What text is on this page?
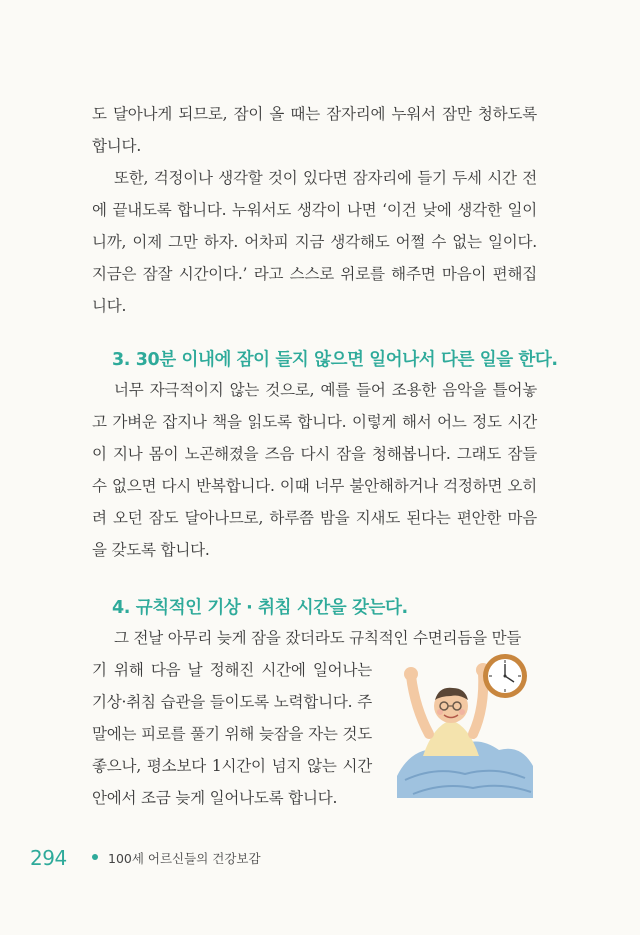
도 달아나게 되므로, 잠이 올 때는 잠자리에 누워서 잠만 청하도록 합니다.

또한, 걱정이나 생각할 것이 있다면 잠자리에 들기 두세 시간 전에 끝내도록 합니다. 누워서도 생각이 나면 ‘이건 낮에 생각한 일이니까, 이제 그만 하자. 어차피 지금 생각해도 어쩔 수 없는 일이다. 지금은 잠잘 시간이다.’ 라고 스스로 위로를 해주면 마음이 편해집니다.

3. 30분 이내에 잠이 들지 않으면 일어나서 다른 일을 한다.

너무 자극적이지 않는 것으로, 예를 들어 조용한 음악을 틀어놓고 가벼운 잡지나 책을 읽도록 합니다. 이렇게 해서 어느 정도 시간이 지나 몸이 노곤해졌을 즈음 다시 잠을 청해봅니다. 그래도 잠들 수 없으면 다시 반복합니다. 이때 너무 불안해하거나 걱정하면 오히려 오던 잠도 달아나므로, 하루쯤 밤을 지새도 된다는 편안한 마음을 갖도록 합니다.

4. 규칙적인 기상 · 취침 시간을 갖는다.

그 전날 아무리 늦게 잠을 잤더라도 규칙적인 수면리듬을 만들

기 위해 다음 날 정해진 시간에 일어나는 기상·취침 습관을 들이도록 노력합니다. 주말에는 피로를 풀기 위해 늦잠을 자는 것도 좋으나, 평소보다 1시간이 넘지 않는 시간 안에서 조금 늦게 일어나도록 합니다.

294	100세 어르신들의 건강보감
